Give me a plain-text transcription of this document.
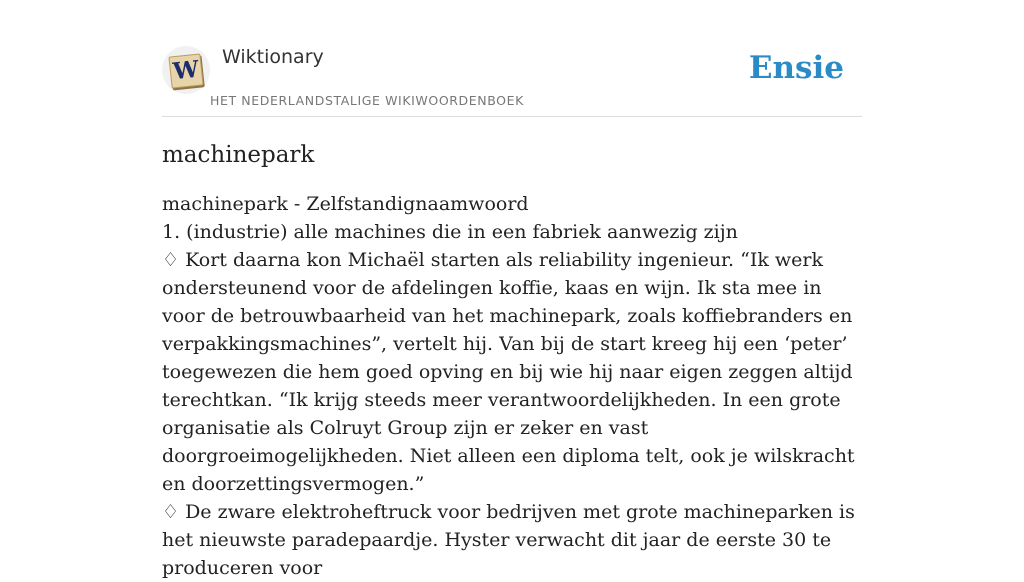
W Wiktionary
HET NEDERLANDSTALIGE WIKIWOORDENBOEK
Ensie
machinepark

machinepark - Zelfstandignaamwoord

1. (industrie) alle machines die in een fabriek aanwezig zijn

♢ Kort daarna kon Michaël starten als reliability ingenieur. “Ik werk ondersteunend voor de afdelingen koffie, kaas en wijn. Ik sta mee in voor de betrouwbaarheid van het machinepark, zoals koffiebranders en verpakkingsmachines”, vertelt hij. Van bij de start kreeg hij een ‘peter’ toegewezen die hem goed opving en bij wie hij naar eigen zeggen altijd terechtkan. “Ik krijg steeds meer verantwoordelijkheden. In een grote organisatie als Colruyt Group zijn er zeker en vast doorgroeimogelijkheden. Niet alleen een diploma telt, ook je wilskracht en doorzettingsvermogen.”

♢ De zware elektroheftruck voor bedrijven met grote machineparken is het nieuwste paradepaardje. Hyster verwacht dit jaar de eerste 30 te produceren voor
